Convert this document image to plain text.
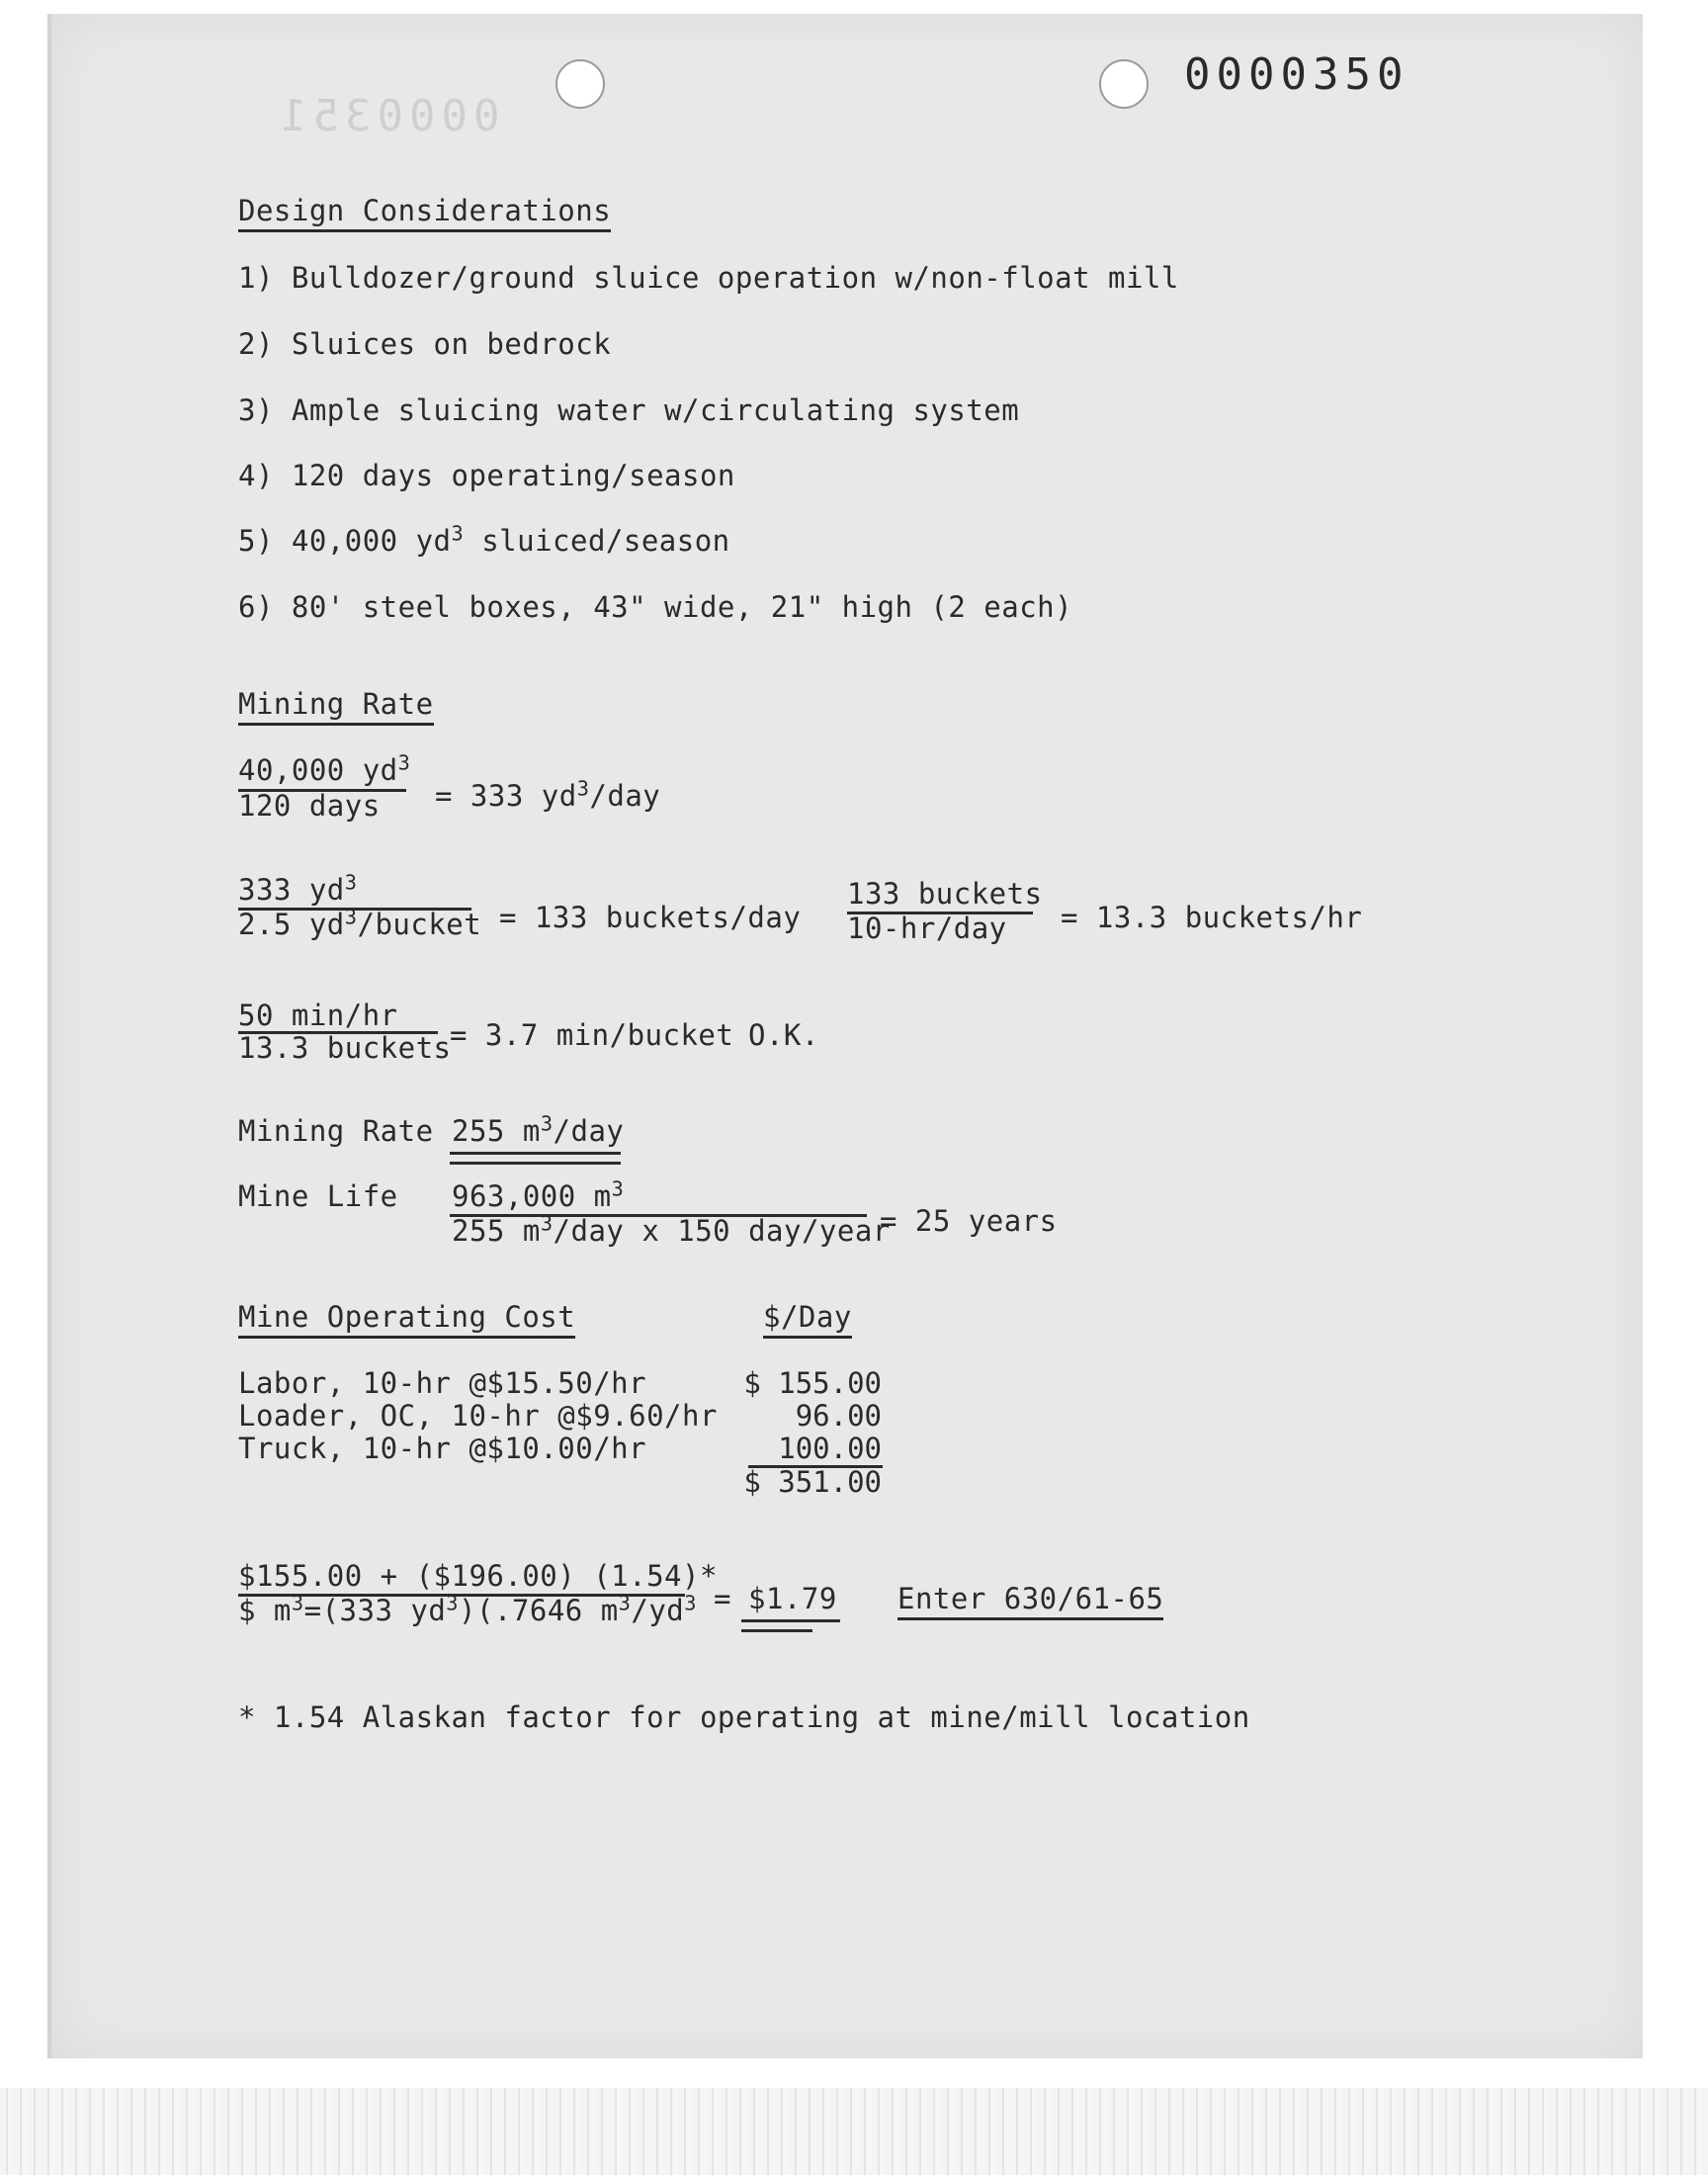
0000351
0000350
Design Considerations
1) Bulldozer/ground sluice operation w/non-float mill
2) Sluices on bedrock
3) Ample sluicing water w/circulating system
4) 120 days operating/season
5) 40,000 $yd^3$ sluiced/season
6) 80' steel boxes, 43" wide, 21" high (2 each)
Mining Rate
40,000 $yd^3$
120 days = 333 $yd^3$/day
333 $yd^3$
2.5 $yd^3$/bucket = 133 buckets/day
133 buckets
10-hr/day = 13.3 buckets/hr
50 min/hr
13.3 buckets
= 3.7 min/bucket O.K.
Mining Rate 255 $m^3$/day
Mine Life 963,000 $m^3$
255 $m^3$/day x 150 day/year
= 25 years
Mine Operating Cost	$/Day
Labor, 10-hr @$15.50/hr	$ 155.00
Loader, OC, 10-hr @$9.60/hr	96.00
Truck, 10-hr @$10.00/hr	100.00
$ 351.00
$155.00 + ($196.00) (1.54)*
$ $m^3=(333$ $yd^3)(.7646$ $m^3/yd^3$ = $1.79 Enter 630/61-65
* 1.54 Alaskan factor for operating at mine/mill location
